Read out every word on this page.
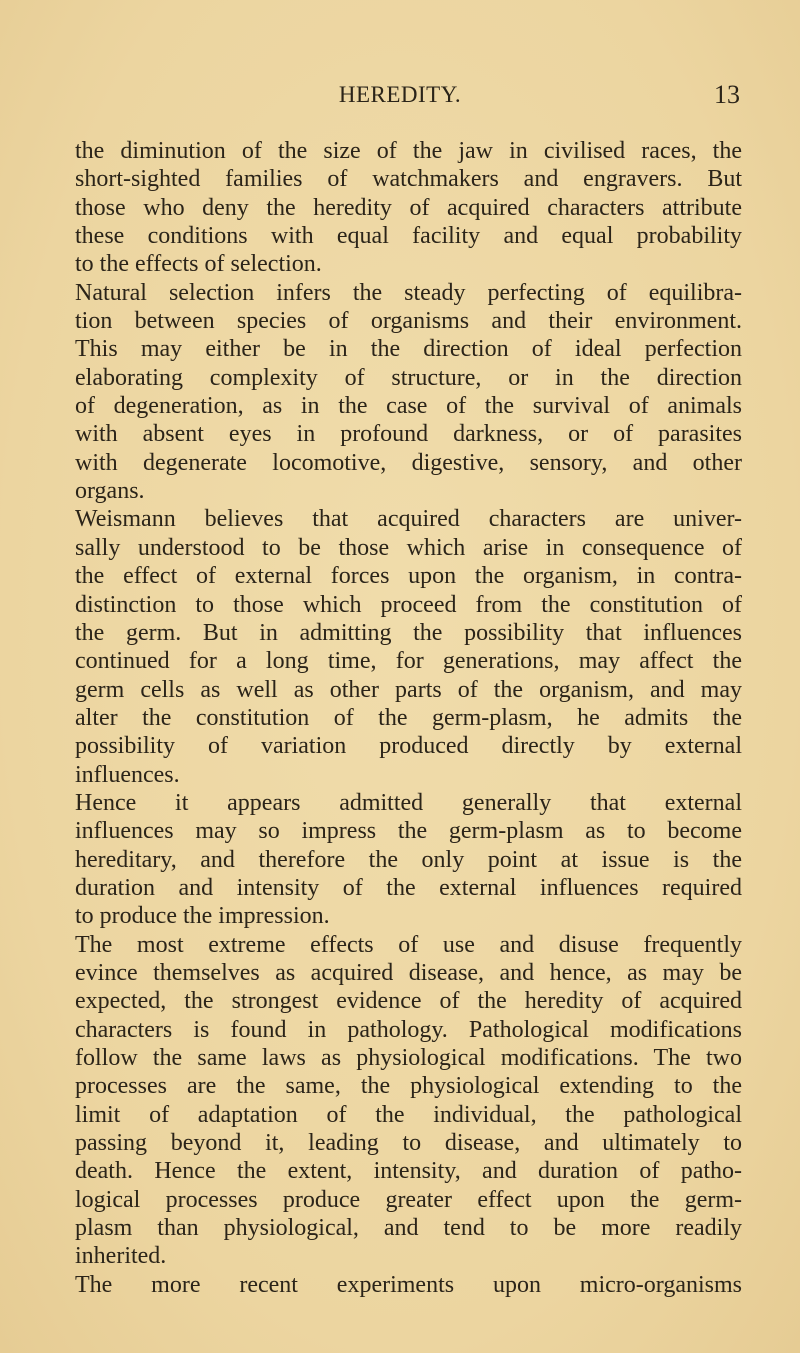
HEREDITY.	13
the diminution of the size of the jaw in civilised races, the
short-sighted families of watchmakers and engravers. But
those who deny the heredity of acquired characters attribute
these conditions with equal facility and equal probability
to the effects of selection.
Natural selection infers the steady perfecting of equilibra-
tion between species of organisms and their environment.
This may either be in the direction of ideal perfection
elaborating complexity of structure, or in the direction
of degeneration, as in the case of the survival of animals
with absent eyes in profound darkness, or of parasites
with degenerate locomotive, digestive, sensory, and other
organs.
Weismann believes that acquired characters are univer-
sally understood to be those which arise in consequence of
the effect of external forces upon the organism, in contra-
distinction to those which proceed from the constitution of
the germ. But in admitting the possibility that influences
continued for a long time, for generations, may affect the
germ cells as well as other parts of the organism, and may
alter the constitution of the germ-plasm, he admits the
possibility of variation produced directly by external
influences.
Hence it appears admitted generally that external
influences may so impress the germ-plasm as to become
hereditary, and therefore the only point at issue is the
duration and intensity of the external influences required
to produce the impression.
The most extreme effects of use and disuse frequently
evince themselves as acquired disease, and hence, as may be
expected, the strongest evidence of the heredity of acquired
characters is found in pathology. Pathological modifications
follow the same laws as physiological modifications. The two
processes are the same, the physiological extending to the
limit of adaptation of the individual, the pathological
passing beyond it, leading to disease, and ultimately to
death. Hence the extent, intensity, and duration of patho-
logical processes produce greater effect upon the germ-
plasm than physiological, and tend to be more readily
inherited.
The more recent experiments upon micro-organisms
